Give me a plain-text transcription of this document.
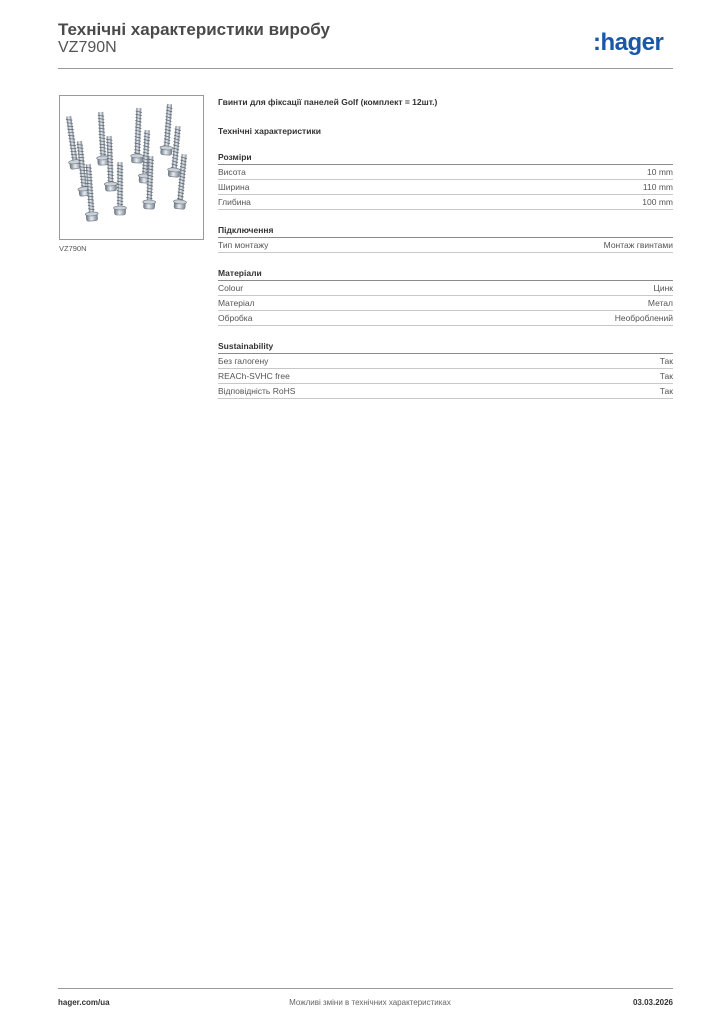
Технічні характеристики виробу
VZ790N	:hager
VZ790N
Гвинти для фіксації панелей Golf (комплект = 12шт.)
Технічні характеристики
Розміри
Висота	10 mm
Ширина	110 mm
Глибина	100 mm
Підключення
Тип монтажу	Монтаж гвинтами
Матеріали
Colour	Цинк
Матеріал	Метал
Обробка	Необроблений
Sustainability
Без галогену	Так
REACh-SVHC free	Так
Відповідність RoHS	Так
hager.com/ua	Можливі зміни в технічних характеристиках	03.03.2026
